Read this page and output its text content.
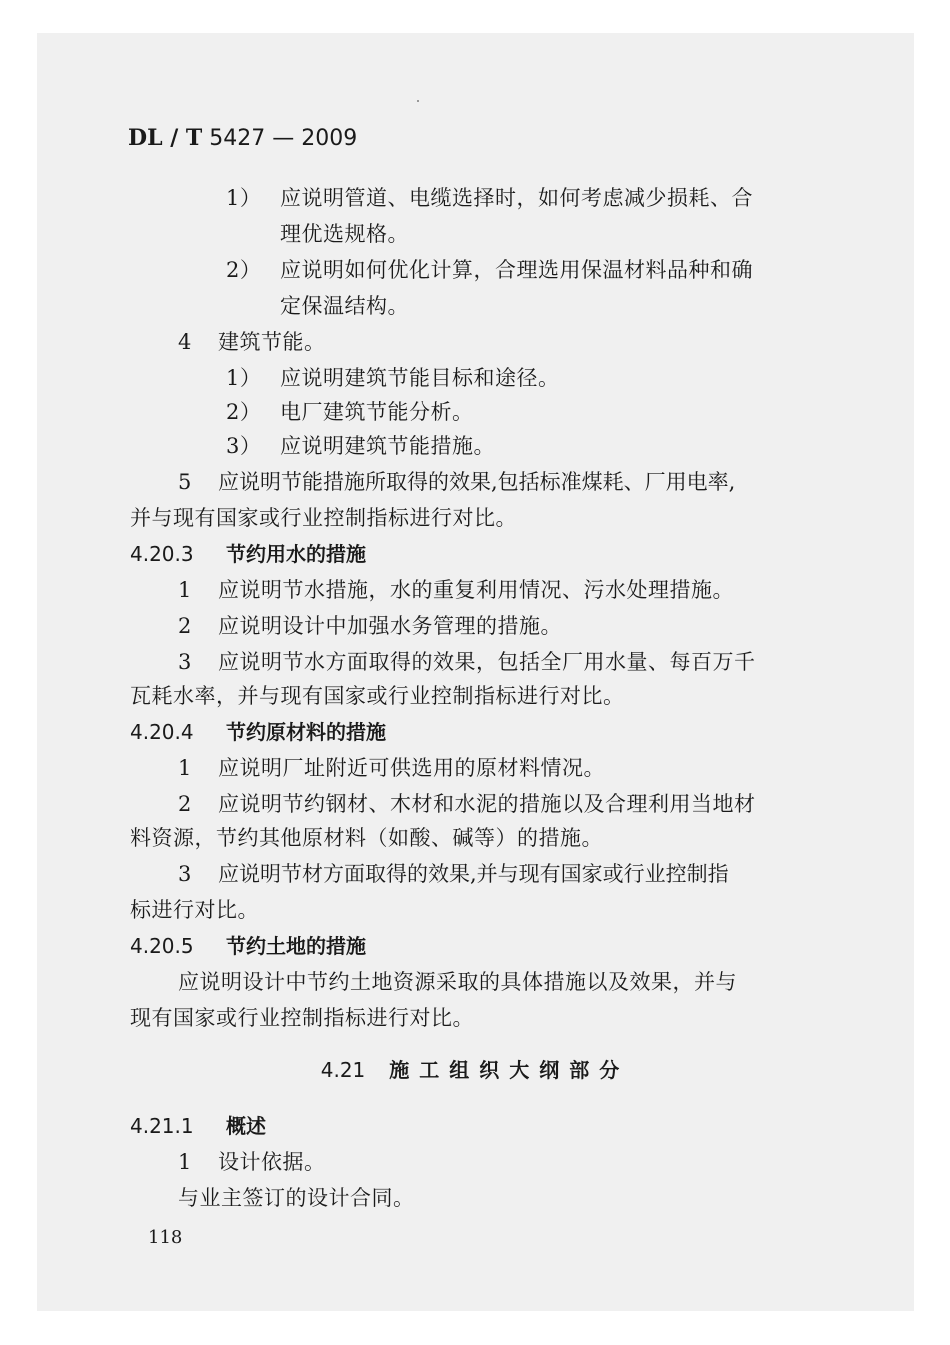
DL / T 5427 — 2009
1） 应说明管道、电缆选择时，如何考虑减少损耗、合
理优选规格。
2） 应说明如何优化计算，合理选用保温材料品种和确
定保温结构。
4 建筑节能。
1） 应说明建筑节能目标和途径。
2） 电厂建筑节能分析。
3） 应说明建筑节能措施。
5 应说明节能措施所取得的效果,包括标准煤耗、厂用电率,
并与现有国家或行业控制指标进行对比。
4.20.3 节约用水的措施
1 应说明节水措施，水的重复利用情况、污水处理措施。
2 应说明设计中加强水务管理的措施。
3 应说明节水方面取得的效果，包括全厂用水量、每百万千
瓦耗水率，并与现有国家或行业控制指标进行对比。
4.20.4 节约原材料的措施
1 应说明厂址附近可供选用的原材料情况。
2 应说明节约钢材、木材和水泥的措施以及合理利用当地材
料资源，节约其他原材料（如酸、碱等）的措施。
3 应说明节材方面取得的效果,并与现有国家或行业控制指
标进行对比。
4.20.5 节约土地的措施
应说明设计中节约土地资源采取的具体措施以及效果，并与
现有国家或行业控制指标进行对比。
4.21 施工组织大纲部分
4.21.1 概述
1 设计依据。
与业主签订的设计合同。
118
